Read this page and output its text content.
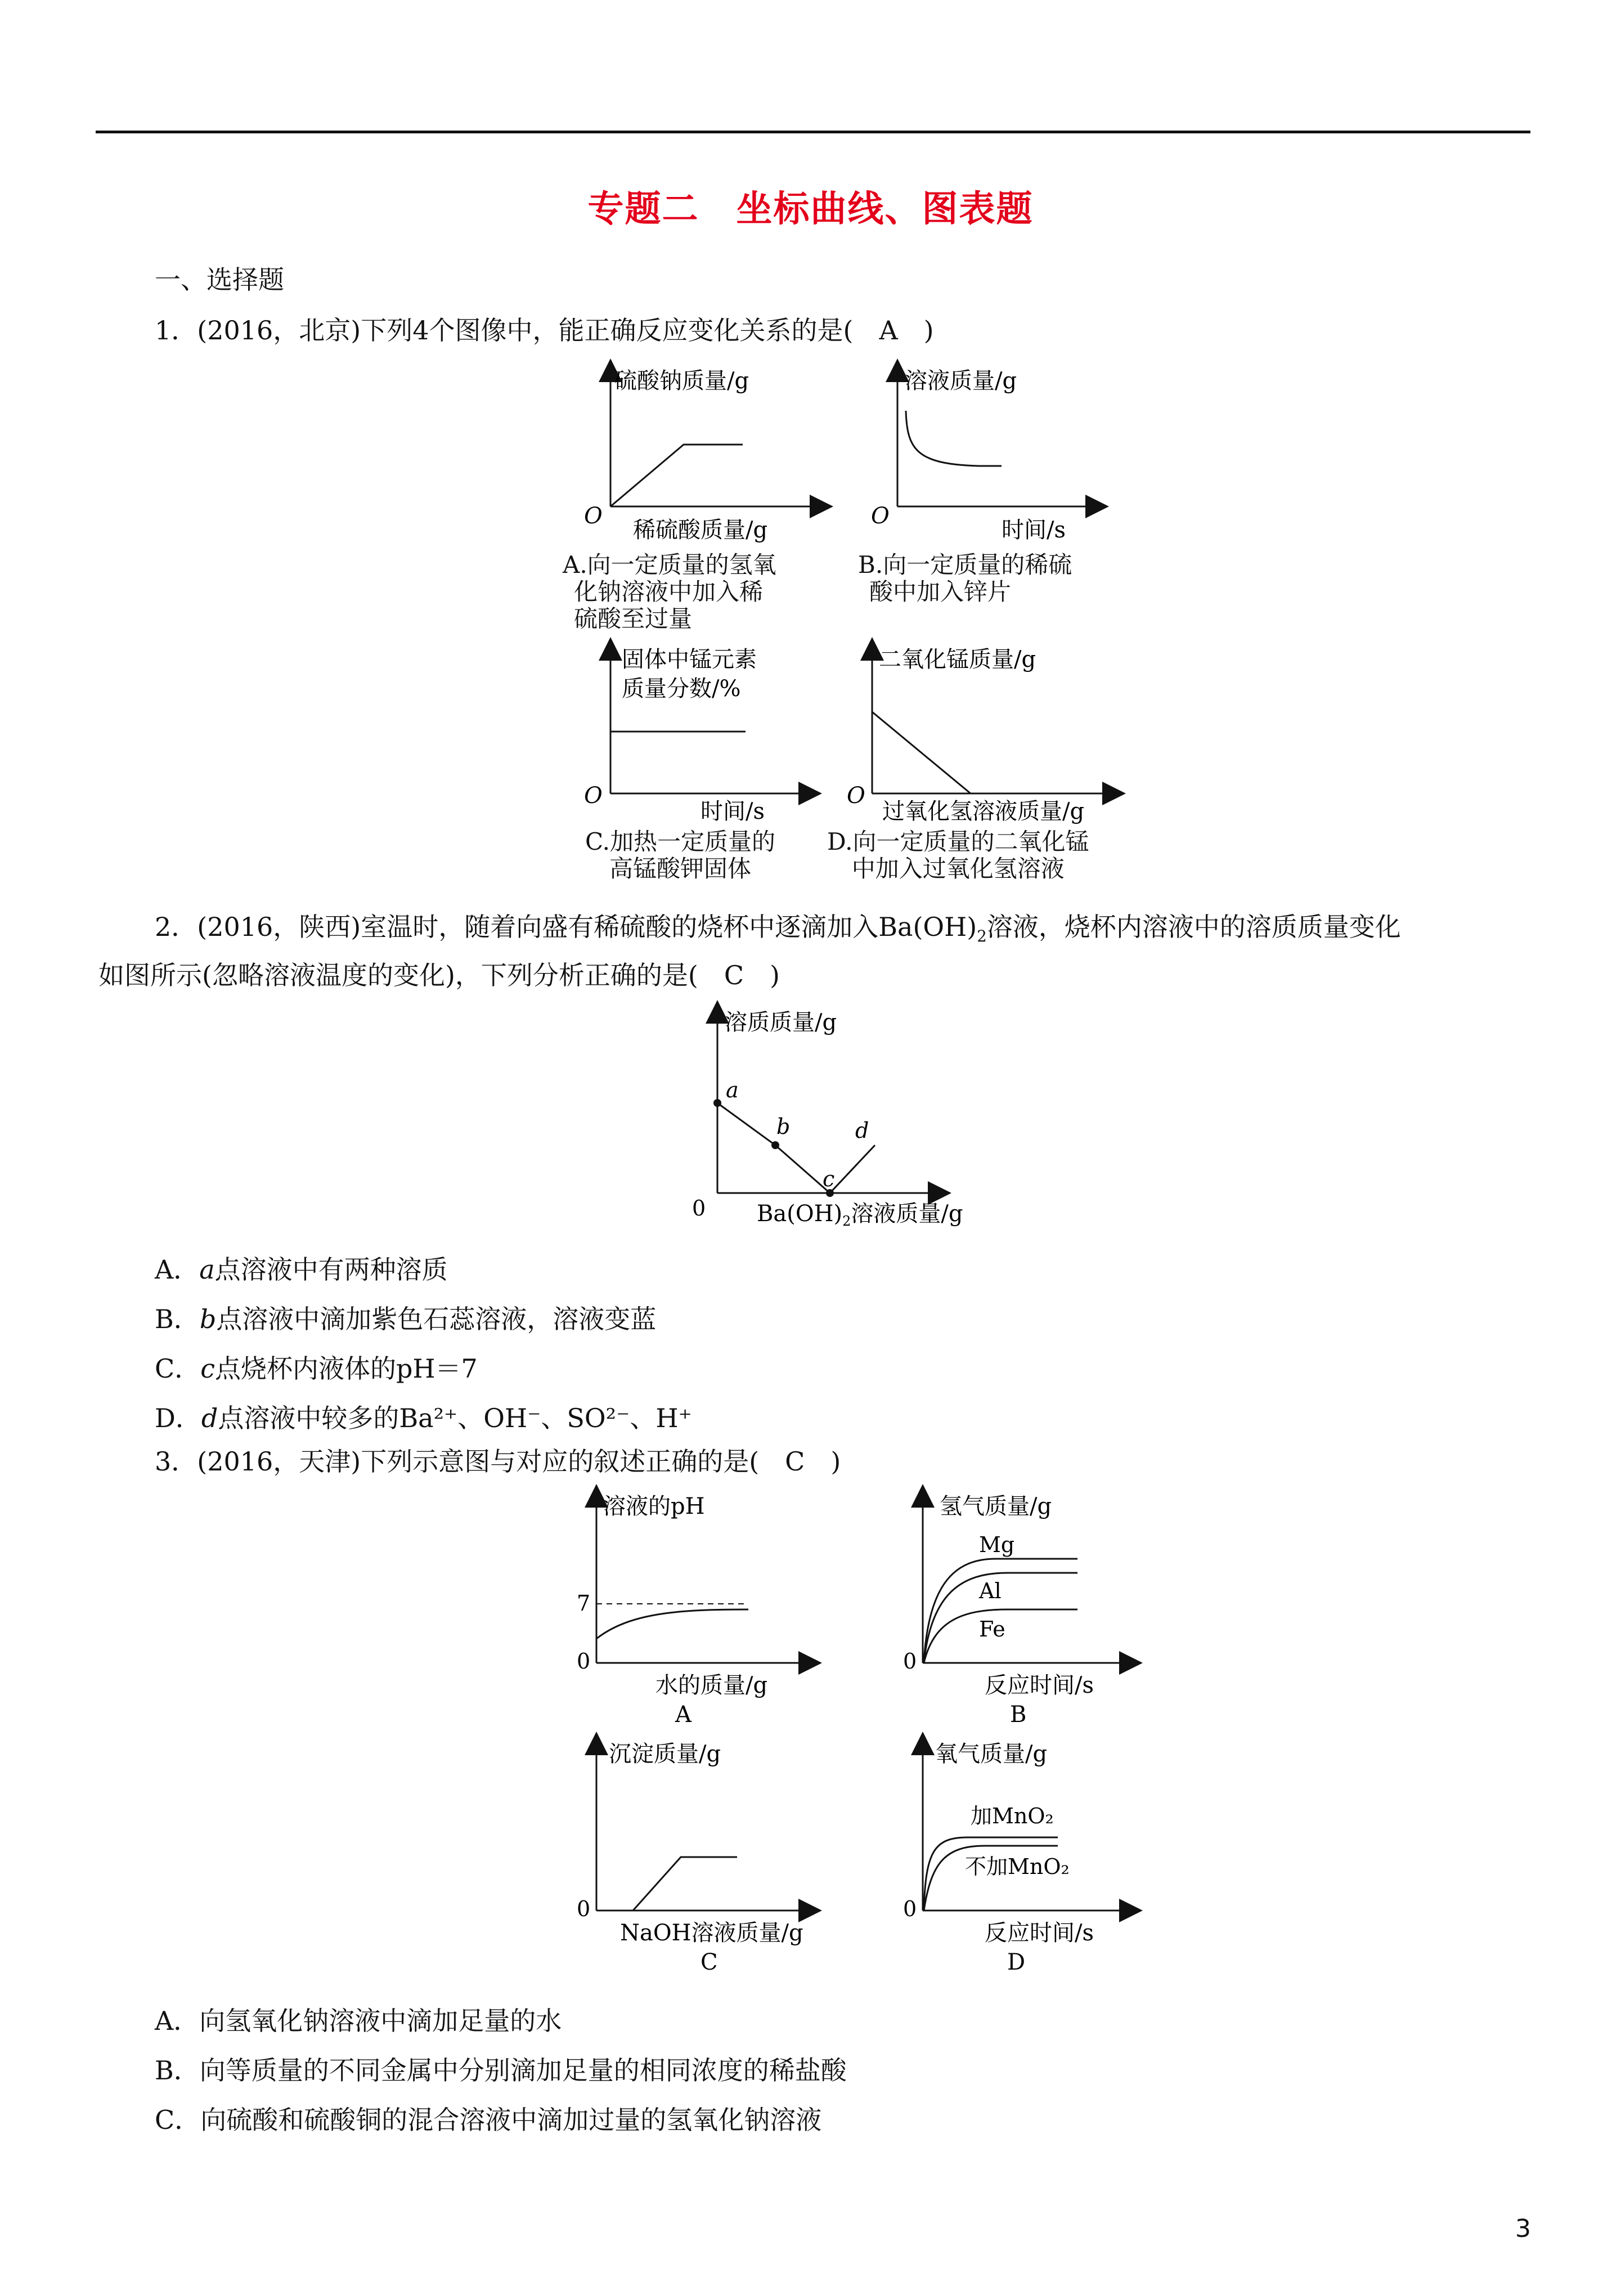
专题二　坐标曲线、图表题
一、选择题
1．(2016，北京)下列4个图像中，能正确反应变化关系的是(　A　)
硫酸钠质量/g
O
稀硫酸质量/g
A.向一定质量的氢氧
化钠溶液中加入稀
硫酸至过量
溶液质量/g
O
时间/s
B.向一定质量的稀硫
酸中加入锌片
固体中锰元素
质量分数/%
O
时间/s
C.加热一定质量的
高锰酸钾固体
二氧化锰质量/g
O
过氧化氢溶液质量/g
D.向一定质量的二氧化锰
中加入过氧化氢溶液
2．(2016，陕西)室温时，随着向盛有稀硫酸的烧杯中逐滴加入$Ba(OH)_2$溶液，烧杯内溶液中的溶质质量变化
如图所示(忽略溶液温度的变化)，下列分析正确的是(　C　)
a
b
c
d
溶质质量/g
0 $Ba(OH)_2$溶液质量/g
A．a点溶液中有两种溶质
B．b点溶液中滴加紫色石蕊溶液，溶液变蓝
C．c点烧杯内液体的pH＝7
D．d点溶液中较多的Ba²⁺、OH⁻、SO²⁻、H⁺
3．(2016，天津)下列示意图与对应的叙述正确的是(　C　)
溶液的pH
7
0
水的质量/g
A
Mg
Al
Fe
氢气质量/g
0
反应时间/s
B
沉淀质量/g
0
NaOH溶液质量/g
C
加MnO₂
不加MnO₂
氧气质量/g
0
反应时间/s
D
A．向氢氧化钠溶液中滴加足量的水
B．向等质量的不同金属中分别滴加足量的相同浓度的稀盐酸
C．向硫酸和硫酸铜的混合溶液中滴加过量的氢氧化钠溶液
3
